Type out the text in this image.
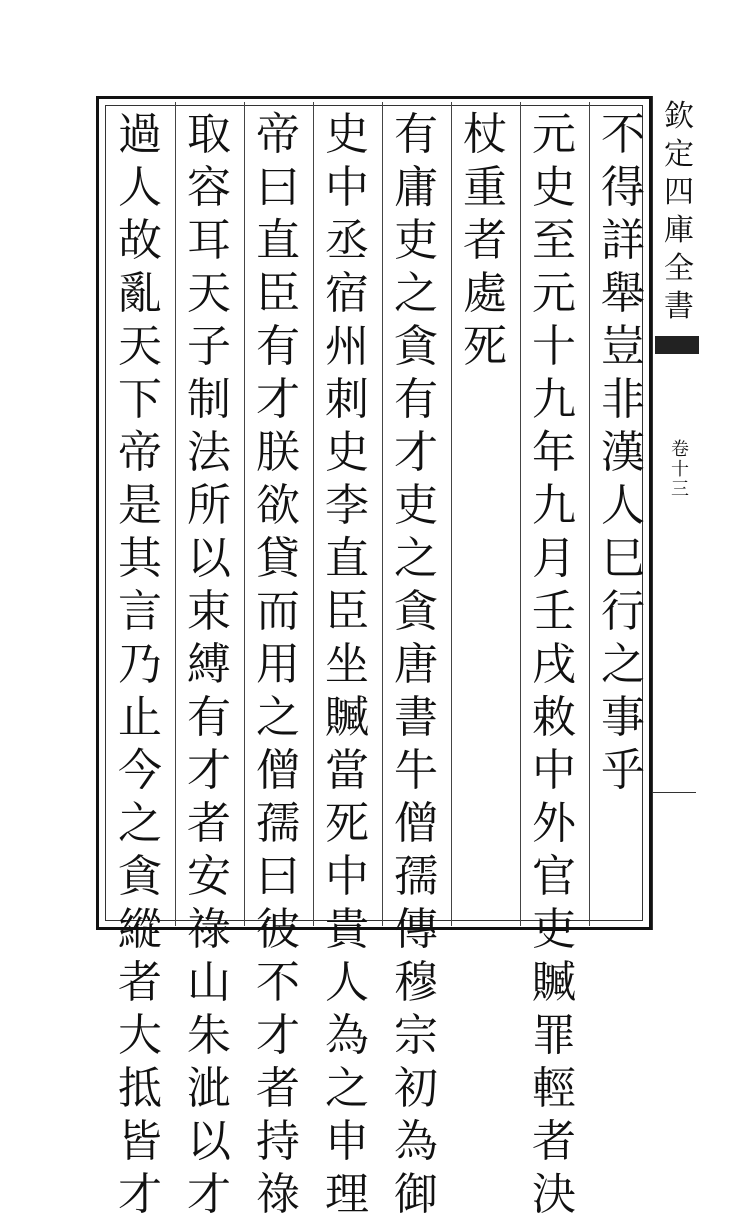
不
得
詳
舉
豈
非
漢
人
巳
行
之
事
乎
元
史
至
元
十
九
年
九
月
壬
戌
敕
中
外
官
吏
贓
罪
輕
者
決
杖
重
者
處
死
有
庸
吏
之
貪
有
才
吏
之
貪
唐
書
牛
僧
孺
傳
穆
宗
初
為
御
史
中
丞
宿
州
刺
史
李
直
臣
坐
贓
當
死
中
貴
人
為
之
申
理
帝
曰
直
臣
有
才
朕
欲
貸
而
用
之
僧
孺
曰
彼
不
才
者
持
祿
取
容
耳
天
子
制
法
所
以
束
縛
有
才
者
安
祿
山
朱
泚
以
才
過
人
故
亂
天
下
帝
是
其
言
乃
止
今
之
貪
縱
者
大
抵
皆
才
欽
定
四
庫
全
書
卷
十
三
